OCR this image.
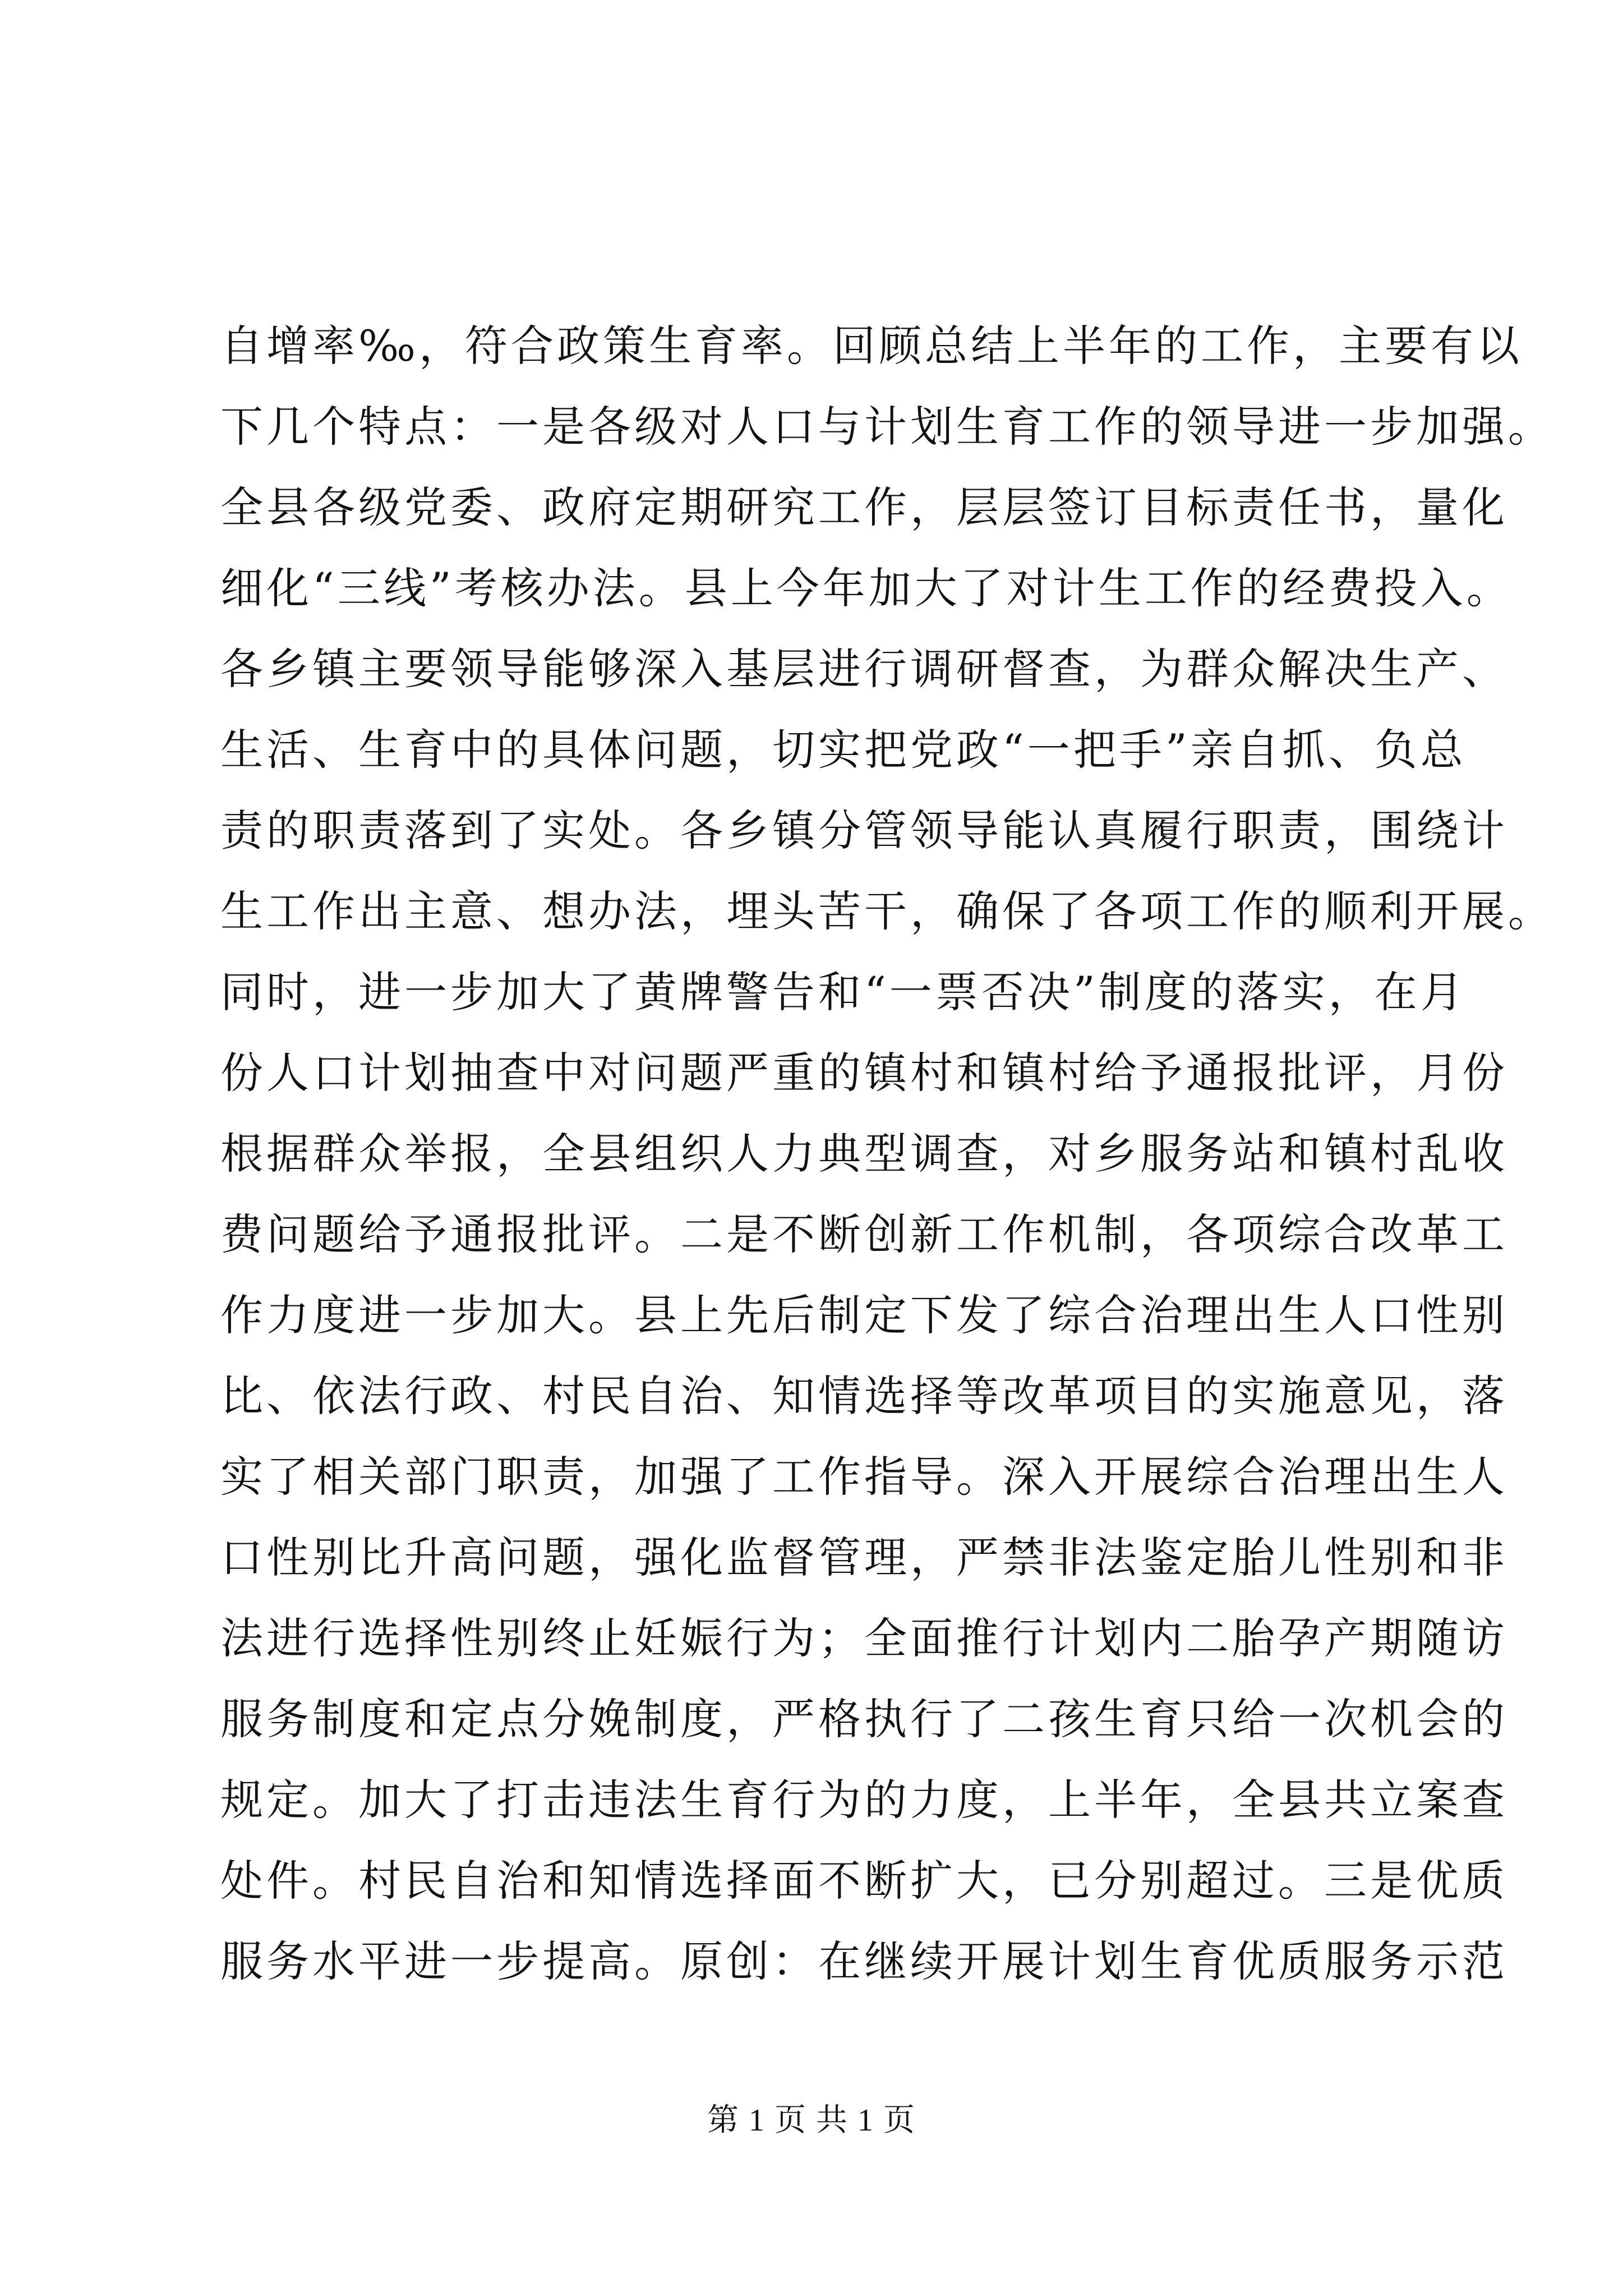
自增率‰，符合政策生育率。回顾总结上半年的工作，主要有以
下几个特点：一是各级对人口与计划生育工作的领导进一步加强。
全县各级党委、政府定期研究工作，层层签订目标责任书，量化
细化“三线”考核办法。县上今年加大了对计生工作的经费投入。
各乡镇主要领导能够深入基层进行调研督查，为群众解决生产、
生活、生育中的具体问题，切实把党政“一把手”亲自抓、负总
责的职责落到了实处。各乡镇分管领导能认真履行职责，围绕计
生工作出主意、想办法，埋头苦干，确保了各项工作的顺利开展。
同时，进一步加大了黄牌警告和“一票否决”制度的落实，在月
份人口计划抽查中对问题严重的镇村和镇村给予通报批评，月份
根据群众举报，全县组织人力典型调查，对乡服务站和镇村乱收
费问题给予通报批评。二是不断创新工作机制，各项综合改革工
作力度进一步加大。县上先后制定下发了综合治理出生人口性别
比、依法行政、村民自治、知情选择等改革项目的实施意见，落
实了相关部门职责，加强了工作指导。深入开展综合治理出生人
口性别比升高问题，强化监督管理，严禁非法鉴定胎儿性别和非
法进行选择性别终止妊娠行为；全面推行计划内二胎孕产期随访
服务制度和定点分娩制度，严格执行了二孩生育只给一次机会的
规定。加大了打击违法生育行为的力度，上半年，全县共立案查
处件。村民自治和知情选择面不断扩大，已分别超过。三是优质
服务水平进一步提高。原创：在继续开展计划生育优质服务示范
第 1 页 共 1 页
